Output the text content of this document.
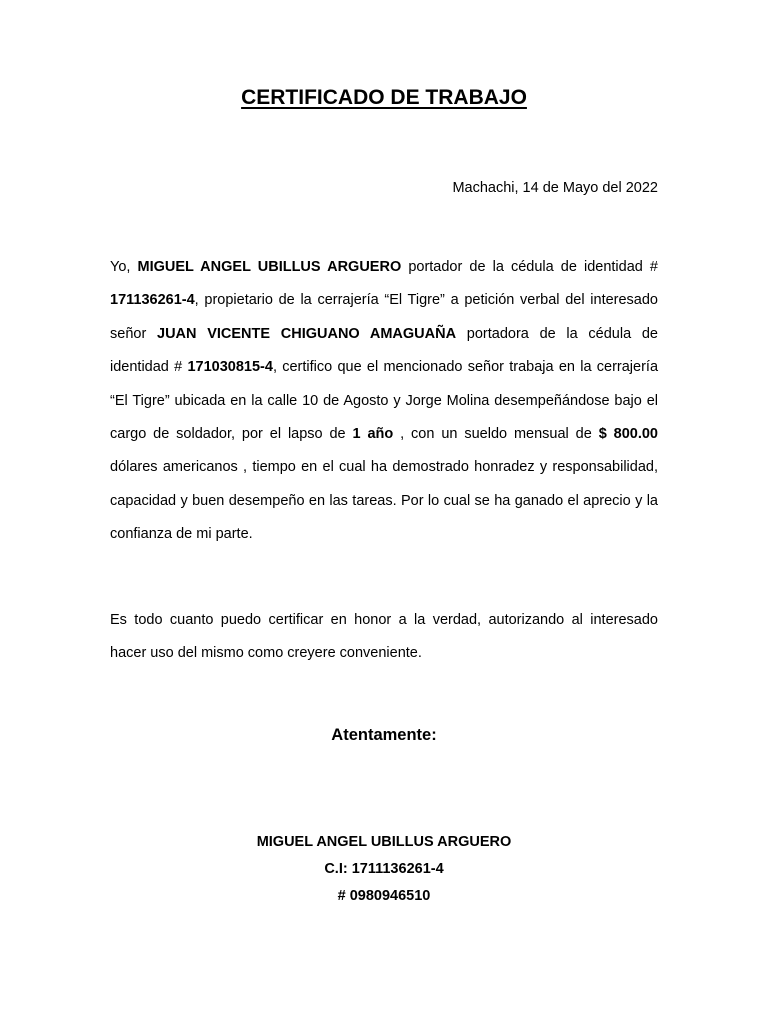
CERTIFICADO DE TRABAJO

Machachi, 14 de Mayo del 2022

Yo, MIGUEL ANGEL UBILLUS ARGUERO portador de la cédula de identidad # 171136261-4, propietario de la cerrajería “El Tigre” a petición verbal del interesado señor JUAN VICENTE CHIGUANO AMAGUAÑA portadora de la cédula de identidad # 171030815-4, certifico que el mencionado señor trabaja en la cerrajería “El Tigre” ubicada en la calle 10 de Agosto y Jorge Molina desempeñándose bajo el cargo de soldador, por el lapso de 1 año , con un sueldo mensual de $ 800.00 dólares americanos , tiempo en el cual ha demostrado honradez y responsabilidad, capacidad y buen desempeño en las tareas. Por lo cual se ha ganado el aprecio y la confianza de mi parte.

Es todo cuanto puedo certificar en honor a la verdad, autorizando al interesado hacer uso del mismo como creyere conveniente.

Atentamente:

MIGUEL ANGEL UBILLUS ARGUERO

C.I: 1711136261-4

# 0980946510
